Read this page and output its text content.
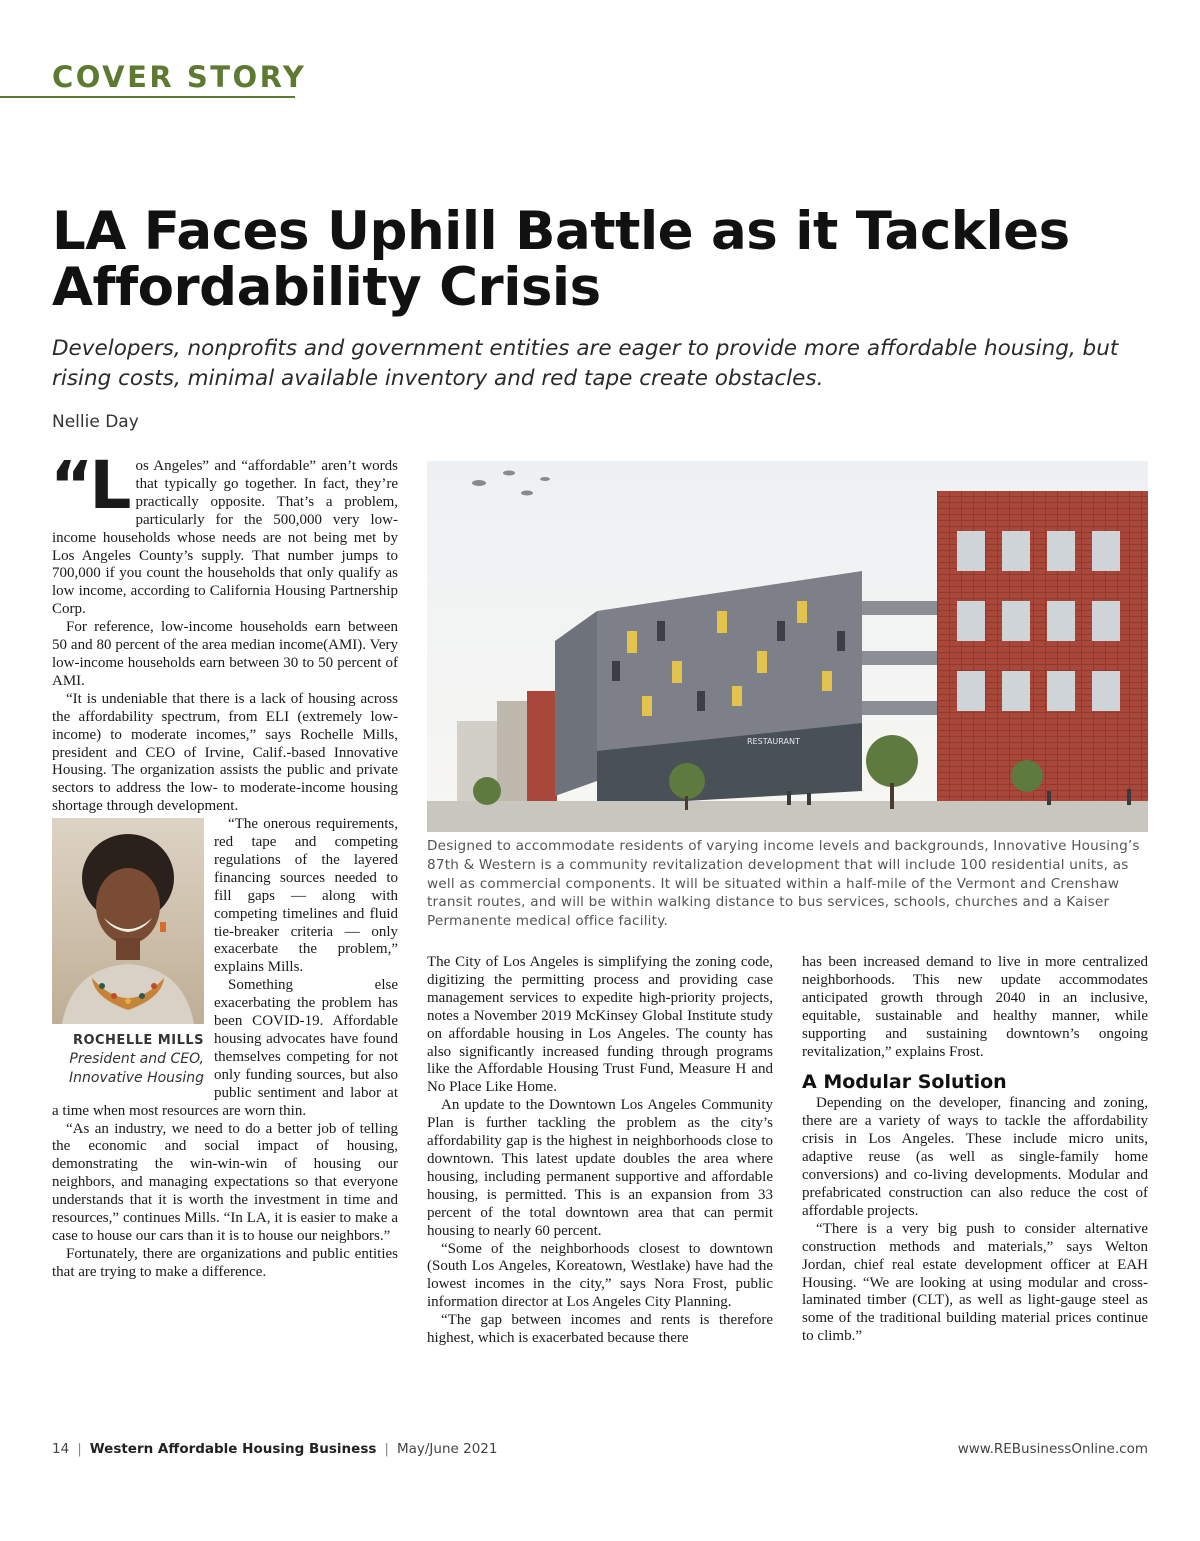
COVER STORY
LA Faces Uphill Battle as it Tackles Affordability Crisis

Developers, nonprofits and government entities are eager to provide more affordable housing, but rising costs, minimal available inventory and red tape create obstacles.

Nellie Day
“L os Angeles” and “affordable” aren’t words that typically go together. In fact, they’re practically opposite. That’s a problem, particularly for the 500,000 very low-income households whose needs are not being met by Los Angeles County’s supply. That number jumps to 700,000 if you count the households that only qualify as low income, according to California Housing Partnership Corp.

For reference, low-income households earn between 50 and 80 percent of the area median income(AMI). Very low-income households earn between 30 to 50 percent of AMI.

“It is undeniable that there is a lack of housing across the affordability spectrum, from ELI (extremely low-income) to moderate incomes,” says Rochelle Mills, president and CEO of Irvine, Calif.-based Innovative Housing. The organization assists the public and private sectors to address the low- to moderate-income housing shortage through development.

ROCHELLE MILLS
President and CEO,
Innovative Housing

“The onerous requirements, red tape and competing regulations of the layered financing sources needed to fill gaps — along with competing timelines and fluid tie-breaker criteria — only exacerbate the problem,” explains Mills.

Something else exacerbating the problem has been COVID-19. Affordable housing advocates have found themselves competing for not only funding sources, but also public sentiment and labor at a time when most resources are worn thin.

“As an industry, we need to do a better job of telling the economic and social impact of housing, demonstrating the win-win-win of housing our neighbors, and managing expectations so that everyone understands that it is worth the investment in time and resources,” continues Mills. “In LA, it is easier to make a case to house our cars than it is to house our neighbors.”

Fortunately, there are organizations and public entities that are trying to make a difference.

RESTAURANT

Designed to accommodate residents of varying income levels and backgrounds, Innovative Housing’s 87th & Western is a community revitalization development that will include 100 residential units, as well as commercial components. It will be situated within a half-mile of the Vermont and Crenshaw transit routes, and will be within walking distance to bus services, schools, churches and a Kaiser Permanente medical office facility.

The City of Los Angeles is simplifying the zoning code, digitizing the permitting process and providing case management services to expedite high-priority projects, notes a November 2019 McKinsey Global Institute study on affordable housing in Los Angeles. The county has also significantly increased funding through programs like the Affordable Housing Trust Fund, Measure H and No Place Like Home.

An update to the Downtown Los Angeles Community Plan is further tackling the problem as the city’s affordability gap is the highest in neighborhoods close to downtown. This latest update doubles the area where housing, including permanent supportive and affordable housing, is permitted. This is an expansion from 33 percent of the total downtown area that can permit housing to nearly 60 percent.

“Some of the neighborhoods closest to downtown (South Los Angeles, Koreatown, Westlake) have had the lowest incomes in the city,” says Nora Frost, public information director at Los Angeles City Planning.

“The gap between incomes and rents is therefore highest, which is exacerbated because there

has been increased demand to live in more centralized neighborhoods. This new update accommodates anticipated growth through 2040 in an inclusive, equitable, sustainable and healthy manner, while supporting and sustaining downtown’s ongoing revitalization,” explains Frost.

A Modular Solution

Depending on the developer, financing and zoning, there are a variety of ways to tackle the affordability crisis in Los Angeles. These include micro units, adaptive reuse (as well as single-family home conversions) and co-living developments. Modular and prefabricated construction can also reduce the cost of affordable projects.

“There is a very big push to consider alternative construction methods and materials,” says Welton Jordan, chief real estate development officer at EAH Housing. “We are looking at using modular and cross-laminated timber (CLT), as well as light-gauge steel as some of the traditional building material prices continue to climb.”

14 | Western Affordable Housing Business | May/June 2021	www.REBusinessOnline.com
